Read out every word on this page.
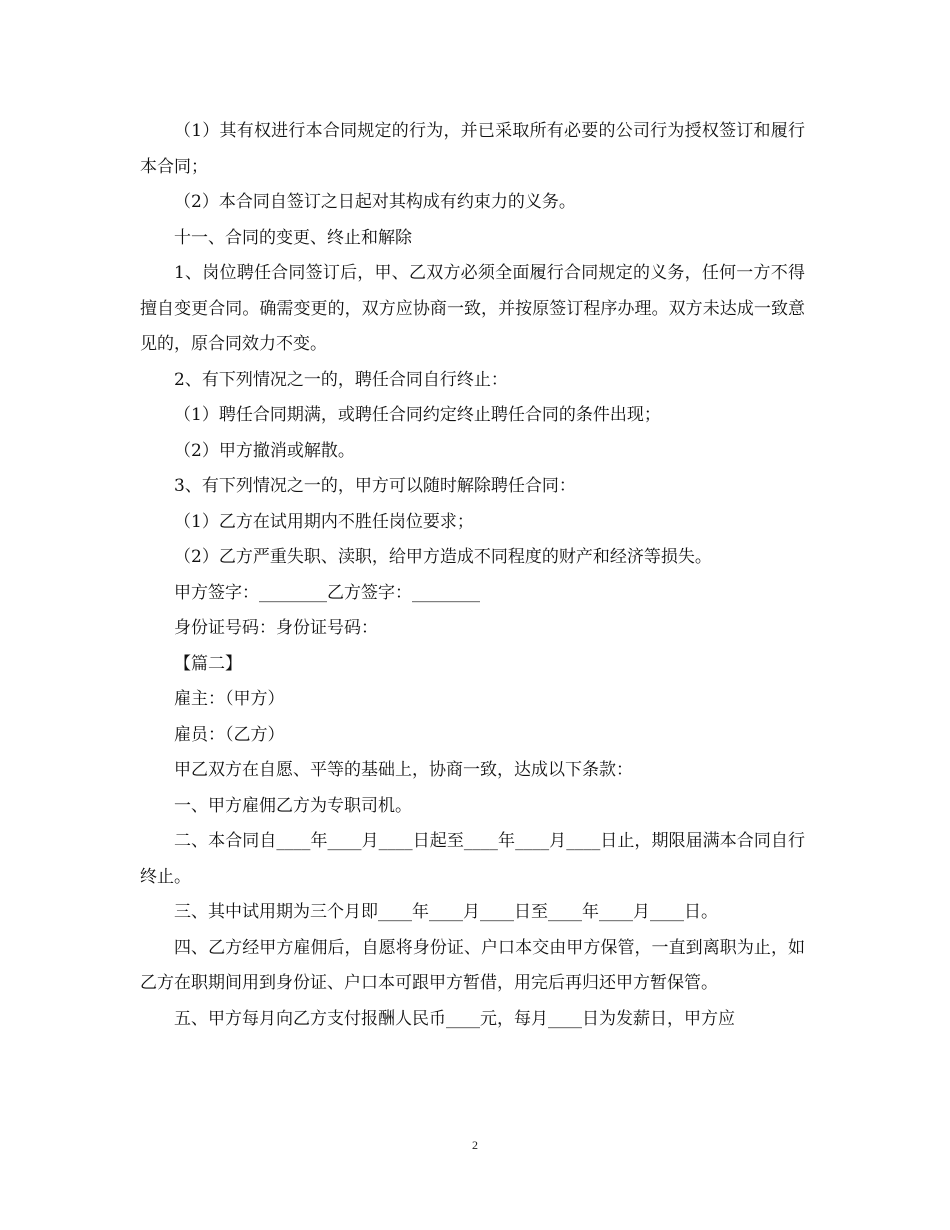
（1）其有权进行本合同规定的行为，并已采取所有必要的公司行为授权签订和履行本合同；

（2）本合同自签订之日起对其构成有约束力的义务。

十一、合同的变更、终止和解除

1、岗位聘任合同签订后，甲、乙双方必须全面履行合同规定的义务，任何一方不得擅自变更合同。确需变更的，双方应协商一致，并按原签订程序办理。双方未达成一致意见的，原合同效力不变。

2、有下列情况之一的，聘任合同自行终止：

（1）聘任合同期满，或聘任合同约定终止聘任合同的条件出现；

（2）甲方撤消或解散。

3、有下列情况之一的，甲方可以随时解除聘任合同：

（1）乙方在试用期内不胜任岗位要求；

（2）乙方严重失职、渎职，给甲方造成不同程度的财产和经济等损失。

甲方签字：________乙方签字：________

身份证号码：身份证号码：

【篇二】

雇主：（甲方）

雇员：（乙方）

甲乙双方在自愿、平等的基础上，协商一致，达成以下条款：

一、甲方雇佣乙方为专职司机。

二、本合同自____年____月____日起至____年____月____日止，期限届满本合同自行终止。

三、其中试用期为三个月即____年____月____日至____年____月____日。

四、乙方经甲方雇佣后，自愿将身份证、户口本交由甲方保管，一直到离职为止，如乙方在职期间用到身份证、户口本可跟甲方暂借，用完后再归还甲方暂保管。

五、甲方每月向乙方支付报酬人民币____元，每月____日为发薪日，甲方应

2
